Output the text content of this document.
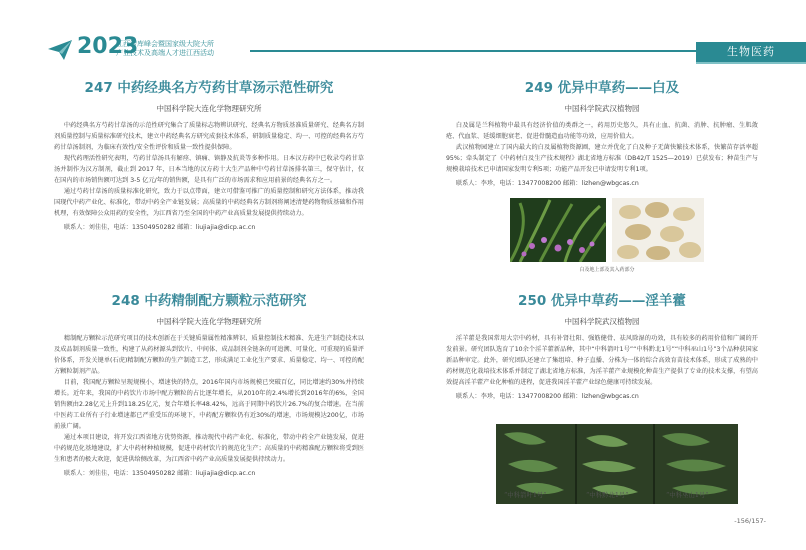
2023
江西智库峰会暨国家级大院大所
产业技术及高端人才进江西活动	生物医药
247 中药经典名方芍药甘草汤示范性研究
中国科学院大连化学物理研究所

中药经典名方芍药甘草汤的示范性研究集合了质量标志物辨识研究、经典名方物质基准质量研究、经典名方制剂质量控制与质量标准研究技术，建立中药经典名方研究成套技术体系，研制质量稳定、均一、可控的经典名方芍药甘草汤制剂，为临床有效性/安全性评价和质量一致性提供保障。

现代药理活性研究表明，芍药甘草汤具有解痉、镇痛、镇静及抗炎等多种作用。日本汉方药中已收录芍药甘草汤并制作为汉方制剂，截止到 2017 年，日本当地的汉方药十大生产品种中芍药甘草汤排名第三，保守估计，仅在国内的市场销售额可达到 3-5 亿元/年的销售额，是具有广泛的市场需求和应用前景的经典名方之一。

通过芍药甘草汤的质量标准化研究，致力于以点带面，建立可借鉴可推广的质量控制和研究方法体系，推动我国现代中药产业化、标准化，带动中药全产业链发展；高质量的中药经典名方制剂将阐述清楚药物物质基础和作用机理，有效保障公众用药的安全性，为江西省乃至全国的中药产业高质量发展提供持续动力。

联系人：刘佳佳，电话：13504950282 邮箱：liujiajia@dicp.ac.cn
248 中药精制配方颗粒示范研究
中国科学院大连化学物理研究所

精制配方颗粒示范研究项目的技术创新在于关键质量属性精准辨识、质量控制技术精准、先进生产制造技术以及成品制剂质量一致性，构建了从药材源头到饮片、中间体、成品制剂全链条的可追溯、可量化、可重现的质量评价体系，开发关键单(石虎)精制配方颗粒的生产制造工艺，形成满足工业化生产要求、质量稳定、均一、可控的配方颗粒制剂产品。

目前，我国配方颗粒呈现规模小，增速快的特点，2016年国内市场规模已突破百亿，同比增速约30%并持续增长。近年来，我国的中药饮片市场中配方颗粒的占比逐年增长，从2010年的2.4%增长到2016年的6%，全国销售额由2.28亿元上升到118.25亿元，复合年增长率48.42%，远高于同期中药饮片26.7%的复合增速。在当前中医药工业所有子行业增速都已严重受压的环境下，中药配方颗粒仍有近30%的增速，市场规模达200亿，市场前景广阔。

通过本项目建设，将开发江西省地方优势资源，推动现代中药产业化、标准化，带动中药全产业链发展，促进中药规范化基地建设，扩大中药材种植规模，促进中药材饮片的规范化生产；高质量的中药精准配方颗粒将受到医生和患者的极大欢迎，促进供给侧改革，为江西省中药产业高质量发展提供持续动力。

联系人：刘佳佳，电话：13504950282 邮箱：liujiajia@dicp.ac.cn
249 优异中草药——白及
中国科学院武汉植物园

白及属是兰科植物中最具有经济价值的类群之一，药用历史悠久，具有止血、抗菌、消肿、抗肿瘤、生肌敛疮、代血浆、延缓细胞衰老、促进骨髓造血功能等功效，应用价值大。

武汉植物园建立了国内最大的白及属植物资源圃，建立并优化了白及种子无菌快繁技术体系，快繁苗存活率超95%；牵头制定了《中药材白及生产技术规程》湖北省地方标准（DB42/T 1525—2019）已获发布；种苗生产与规模栽培技术已申请国家发明专利5项；功能产品开发已申请发明专利1项。

联系人：李珍，电话：13477008200 邮箱：lizhen@wbgcas.cn
白及地上部及其入药部分
250 优异中草药——淫羊藿
中国科学院武汉植物园

淫羊藿是我国常用大宗中药材，具有补肾壮阳、强筋健骨、祛风除湿的功效，具有较多的药用价值和广阔的开发前景。研究团队选育了10余个淫羊藿新品种，其中“中科箭叶1号”“中科黔北1号”“中科巫山1号”3个品种获国家新品种审定。此外，研究团队还建立了集组培、种子直播、分株为一体的综合高效育苗技术体系，形成了成熟的中药材规范化栽培技术体系并制定了湖北省地方标准，为淫羊藿产业规模化种苗生产提供了专业的技术支撑，有望高效提高淫羊藿产业化种植的进程，促进我国淫羊藿产业绿色健康可持续发展。

联系人：李珍，电话：13477008200 邮箱：lizhen@wbgcas.cn
“中科箭叶1号”	“中科黔北1号”	“中科巫山1号”
-156/157-
